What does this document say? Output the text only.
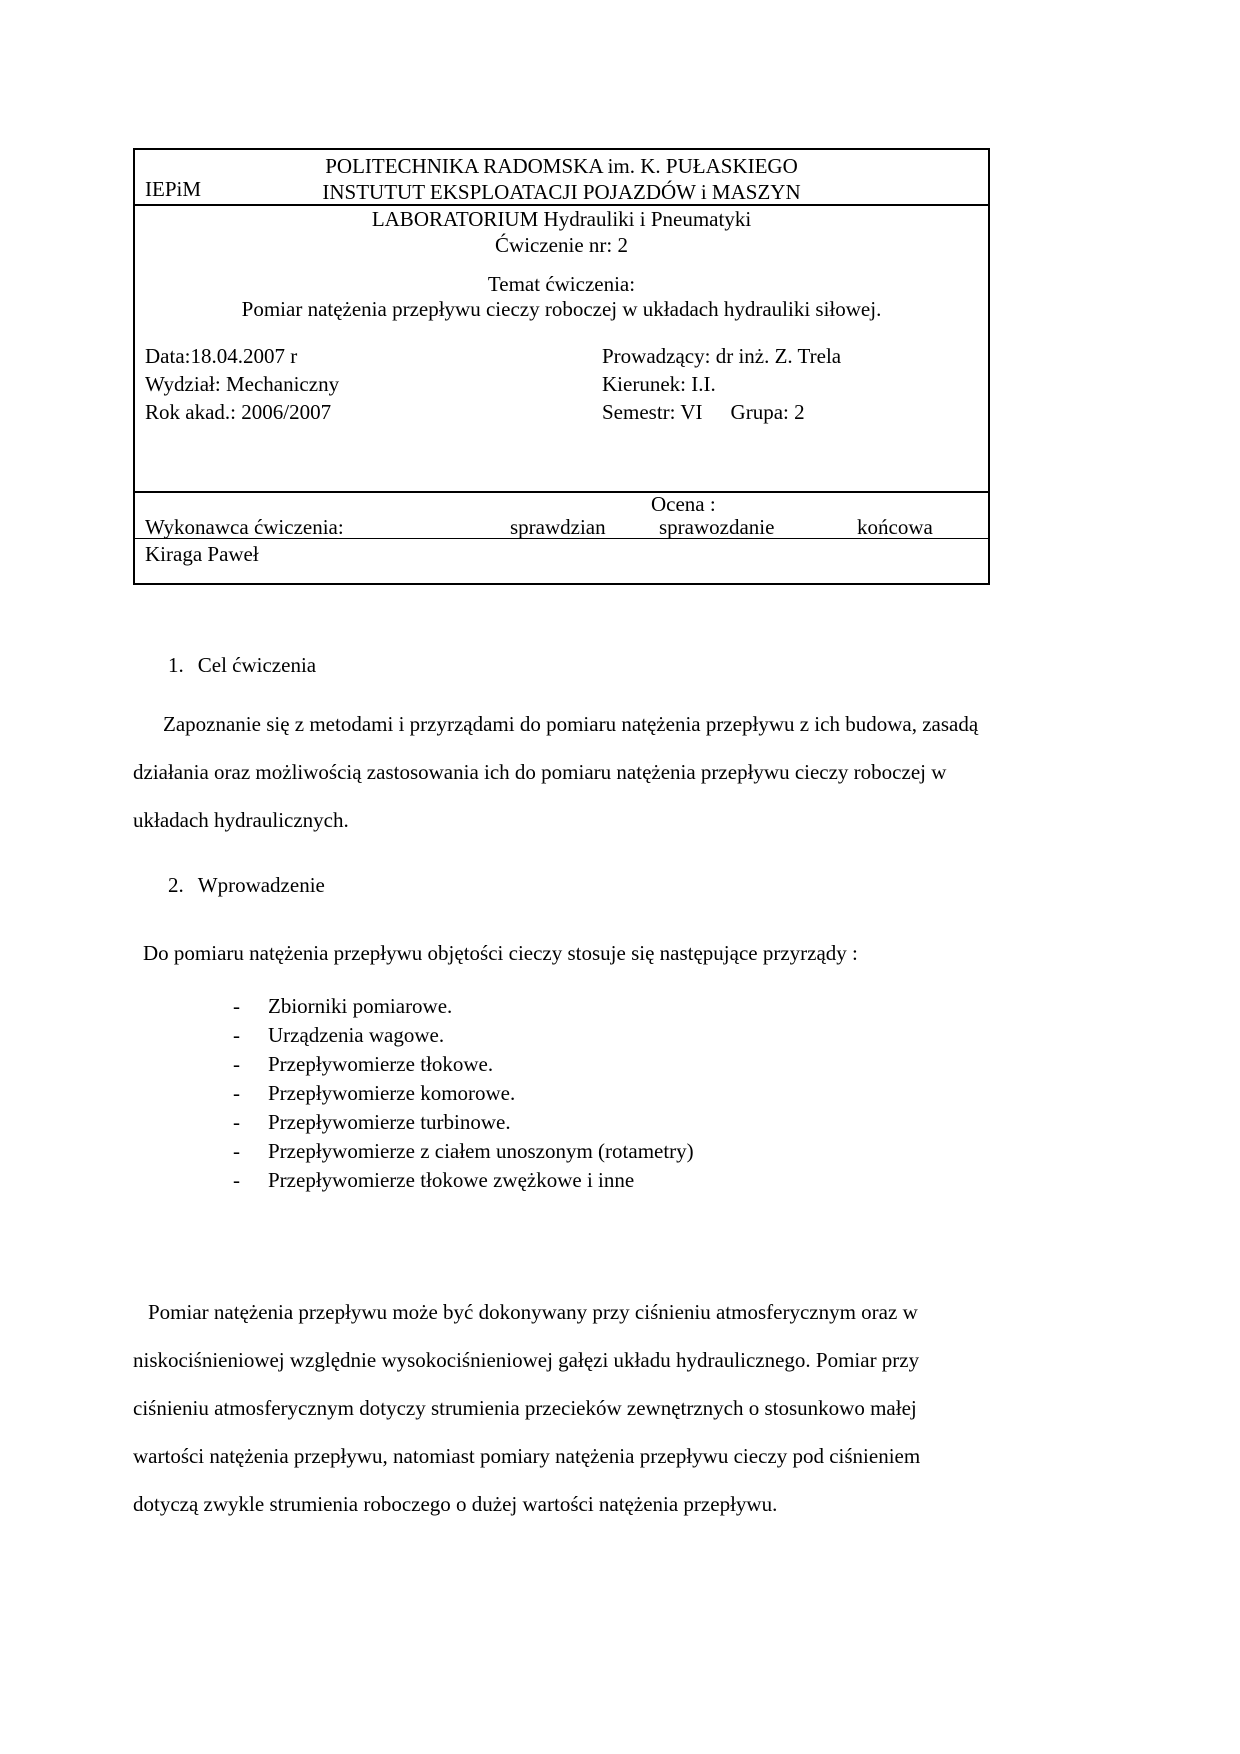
POLITECHNIKA RADOMSKA im. K. PUŁASKIEGO
INSTUTUT EKSPLOATACJI POJAZDÓW i MASZYN
IEPiM
LABORATORIUM Hydrauliki i Pneumatyki
Ćwiczenie nr: 2
Temat ćwiczenia:
Pomiar natężenia przepływu cieczy roboczej w układach hydrauliki siłowej.
Data:18.04.2007 r	Prowadzący: dr inż. Z. Trela
Wydział: Mechaniczny	Kierunek: I.I.
Rok akad.: 2006/2007	Semestr: VI Grupa: 2
Ocena :
Wykonawca ćwiczenia:	sprawdzian	sprawozdanie	końcowa
Kiraga Paweł
1. Cel ćwiczenia

Zapoznanie się z metodami i przyrządami do pomiaru natężenia przepływu z ich budowa, zasadą działania oraz możliwością zastosowania ich do pomiaru natężenia przepływu cieczy roboczej w układach hydraulicznych.

2. Wprowadzenie
Do pomiaru natężenia przepływu objętości cieczy stosuje się następujące przyrządy :
-	Zbiorniki pomiarowe.
-	Urządzenia wagowe.
-	Przepływomierze tłokowe.
-	Przepływomierze komorowe.
-	Przepływomierze turbinowe.
-	Przepływomierze z ciałem unoszonym (rotametry)
-	Przepływomierze tłokowe zwężkowe i inne

Pomiar natężenia przepływu może być dokonywany przy ciśnieniu atmosferycznym oraz w niskociśnieniowej względnie wysokociśnieniowej gałęzi układu hydraulicznego. Pomiar przy ciśnieniu atmosferycznym dotyczy strumienia przecieków zewnętrznych o stosunkowo małej wartości natężenia przepływu, natomiast pomiary natężenia przepływu cieczy pod ciśnieniem dotyczą zwykle strumienia roboczego o dużej wartości natężenia przepływu.
